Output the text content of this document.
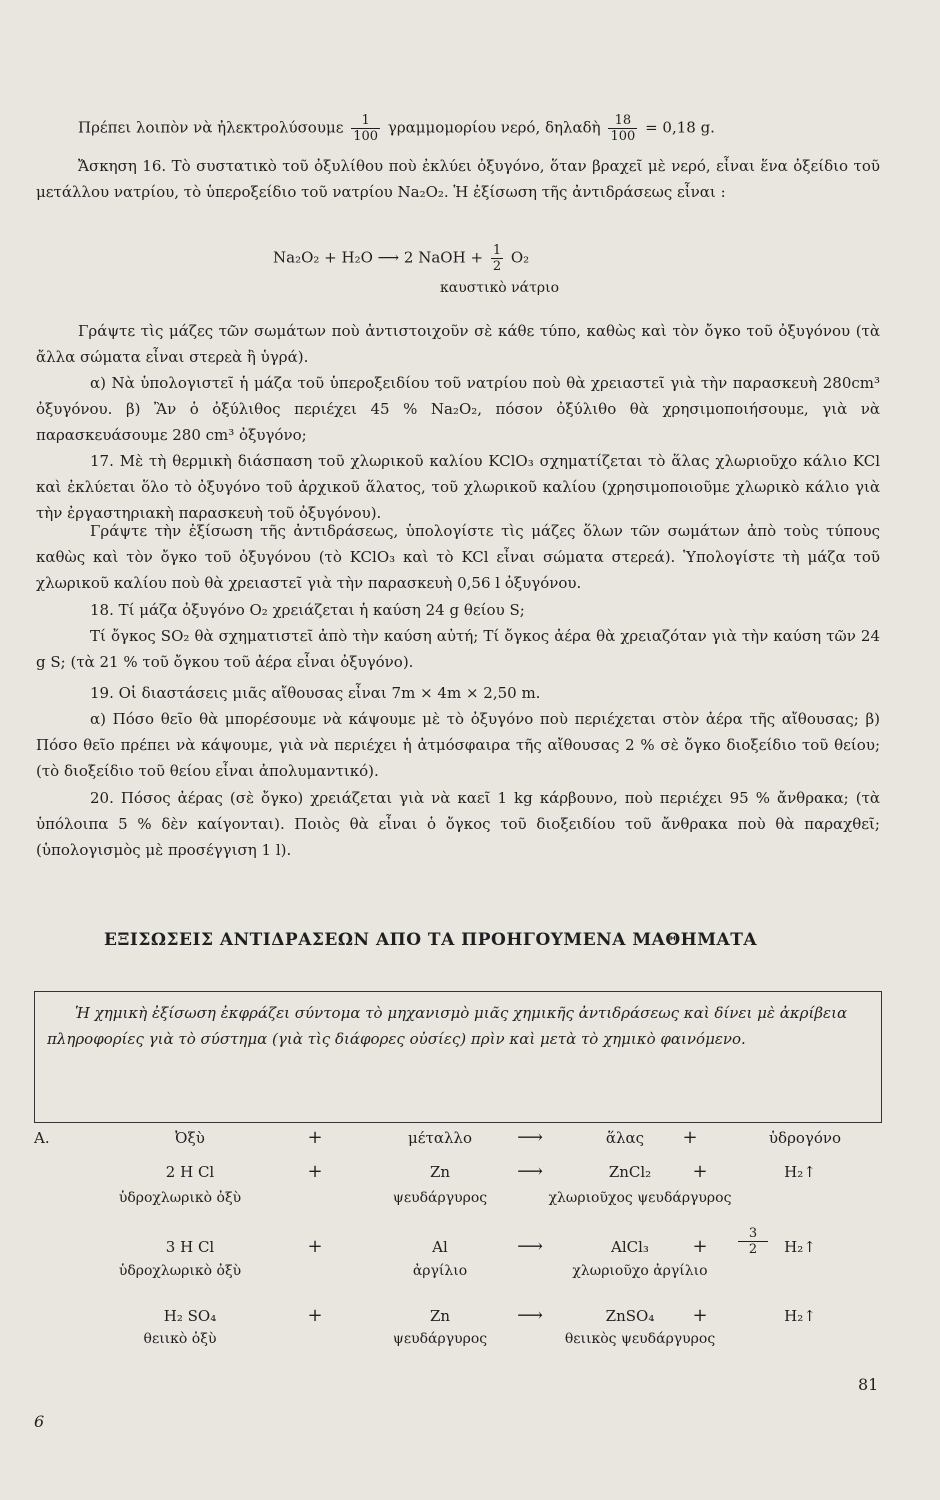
Πρέπει λοιπὸν νὰ ἠλεκτρολύσουμε $\frac{1}{100}$ γραμμομορίου νερό, δηλαδὴ $\frac{18}{100} = 0,18$ g.
Ἄσκηση 16. Τὸ συστατικὸ τοῦ ὀξυλίθου ποὺ ἐκλύει ὀξυγόνο, ὅταν βραχεῖ μὲ νερό, εἶναι ἕνα ὀξείδιο τοῦ μετάλλου νατρίου, τὸ ὑπεροξείδιο τοῦ νατρίου Na₂O₂. Ἡ ἐξίσωση τῆς ἀντιδράσεως εἶναι :
Na₂O₂ + H₂O ⟶ 2 NaOH + $\frac{1}{2} O_2$
καυστικὸ νάτριο
Γράψτε τὶς μάζες τῶν σωμάτων ποὺ ἀντιστοιχοῦν σὲ κάθε τύπο, καθὼς καὶ τὸν ὄγκο τοῦ ὀξυγόνου (τὰ ἄλλα σώματα εἶναι στερεὰ ἢ ὑγρά).
α) Νὰ ὑπολογιστεῖ ἡ μάζα τοῦ ὑπεροξειδίου τοῦ νατρίου ποὺ θὰ χρειαστεῖ γιὰ τὴν παρασκευὴ 280cm³ ὀξυγόνου. β) Ἂν ὁ ὀξύλιθος περιέχει 45 % Na₂O₂, πόσον ὀξύλιθο θὰ χρησιμοποιήσουμε, γιὰ νὰ παρασκευάσουμε 280 cm³ ὀξυγόνο;
17. Μὲ τὴ θερμικὴ διάσπαση τοῦ χλωρικοῦ καλίου KClO₃ σχηματίζεται τὸ ἅλας χλωριοῦχο κάλιο KCl καὶ ἐκλύεται ὅλο τὸ ὀξυγόνο τοῦ ἀρχικοῦ ἅλατος, τοῦ χλωρικοῦ καλίου (χρησιμοποιοῦμε χλωρικὸ κάλιο γιὰ τὴν ἐργαστηριακὴ παρασκευὴ τοῦ ὀξυγόνου).
Γράψτε τὴν ἐξίσωση τῆς ἀντιδράσεως, ὑπολογίστε τὶς μάζες ὅλων τῶν σωμάτων ἀπὸ τοὺς τύπους καθὼς καὶ τὸν ὄγκο τοῦ ὀξυγόνου (τὸ KClO₃ καὶ τὸ KCl εἶναι σώματα στερεά). Ὑπολογίστε τὴ μάζα τοῦ χλωρικοῦ καλίου ποὺ θὰ χρειαστεῖ γιὰ τὴν παρασκευὴ 0,56 l ὀξυγόνου.
18. Τί μάζα ὀξυγόνο O₂ χρειάζεται ἡ καύση 24 g θείου S;
Τί ὄγκος SO₂ θὰ σχηματιστεῖ ἀπὸ τὴν καύση αὐτή; Τί ὄγκος ἀέρα θὰ χρειαζόταν γιὰ τὴν καύση τῶν 24 g S; (τὰ 21 % τοῦ ὄγκου τοῦ ἀέρα εἶναι ὀξυγόνο).
19. Οἱ διαστάσεις μιᾶς αἴθουσας εἶναι 7m × 4m × 2,50 m.
α) Πόσο θεῖο θὰ μπορέσουμε νὰ κάψουμε μὲ τὸ ὀξυγόνο ποὺ περιέχεται στὸν ἀέρα τῆς αἴθουσας; β) Πόσο θεῖο πρέπει νὰ κάψουμε, γιὰ νὰ περιέχει ἡ ἀτμόσφαιρα τῆς αἴθουσας 2 % σὲ ὄγκο διοξείδιο τοῦ θείου; (τὸ διοξείδιο τοῦ θείου εἶναι ἀπολυμαντικό).
20. Πόσος ἀέρας (σὲ ὄγκο) χρειάζεται γιὰ νὰ καεῖ 1 kg κάρβουνο, ποὺ περιέχει 95 % ἄνθρακα; (τὰ ὑπόλοιπα 5 % δὲν καίγονται). Ποιὸς θὰ εἶναι ὁ ὄγκος τοῦ διοξειδίου τοῦ ἄνθρακα ποὺ θὰ παραχθεῖ; (ὑπολογισμὸς μὲ προσέγγιση 1 l).
ΕΞΙΣΩΣΕΙΣ ΑΝΤΙΔΡΑΣΕΩΝ ΑΠΟ ΤΑ ΠΡΟΗΓΟΥΜΕΝΑ ΜΑΘΗΜΑΤΑ
Ἡ χημικὴ ἐξίσωση ἐκφράζει σύντομα τὸ μηχανισμὸ μιᾶς χημικῆς ἀντιδράσεως καὶ δίνει μὲ ἀκρίβεια πληροφορίες γιὰ τὸ σύστημα (γιὰ τὶς διάφορες οὐσίες) πρὶν καὶ μετὰ τὸ χημικὸ φαινόμενο.
A.	Ὀξὺ	+	μέταλλο	⟶	ἅλας	+	ὑδρογόνο
2 H Cl	+	Zn	⟶	ZnCl₂	+	H₂↑
ὑδροχλωρικὸ ὀξὺ	ψευδάργυρος	χλωριοῦχος ψευδάργυρος
3 H Cl	+	Al	⟶	AlCl₃	+	$\frac{3}{2}$	H₂↑
ὑδροχλωρικὸ ὀξὺ	ἀργίλιο	χλωριοῦχο ἀργίλιο
H₂ SO₄	+	Zn	⟶	ZnSO₄	+	H₂↑
θειικὸ ὀξὺ	ψευδάργυρος	θειικὸς ψευδάργυρος
81
6
